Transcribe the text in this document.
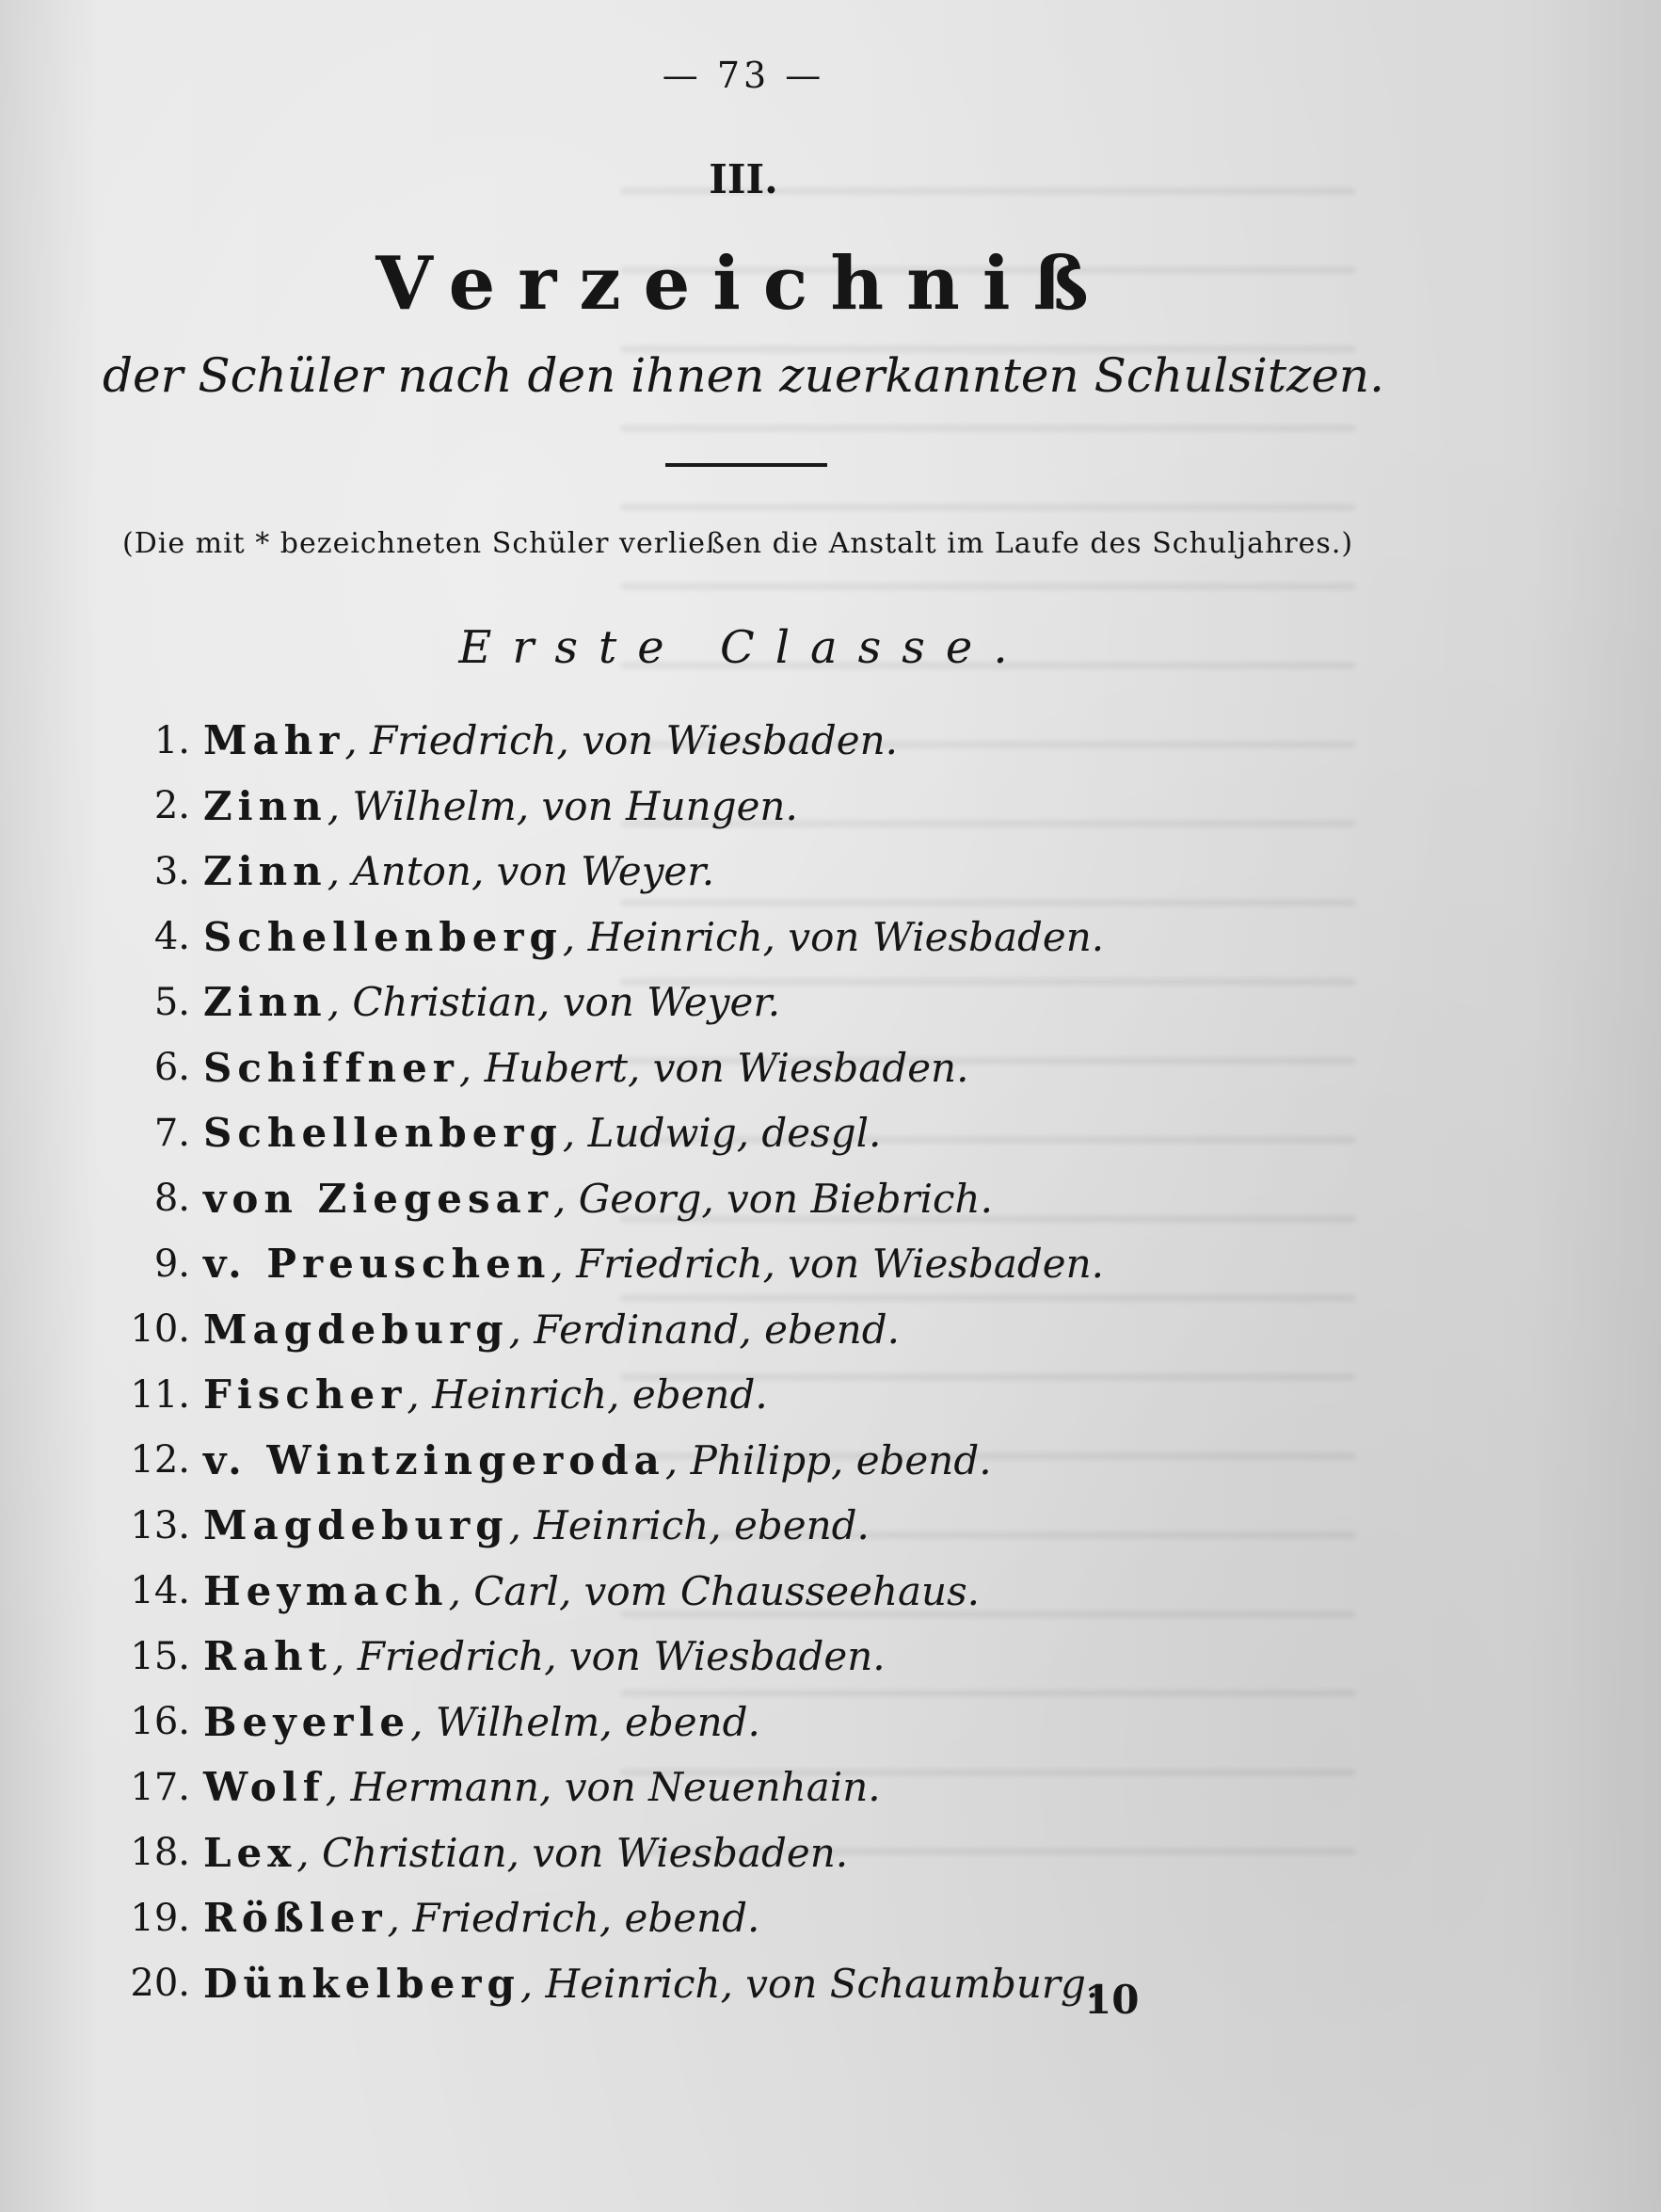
— 73 —
III.
Verzeichniß
der Schüler nach den ihnen zuerkannten Schulsitzen.
(Die mit * bezeichneten Schüler verließen die Anstalt im Laufe des Schuljahres.)
Erste Classe.
1. Mahr , Friedrich, von Wiesbaden.
2. Zinn , Wilhelm, von Hungen.
3. Zinn , Anton, von Weyer.
4. Schellenberg , Heinrich, von Wiesbaden.
5. Zinn , Christian, von Weyer.
6. Schiffner , Hubert, von Wiesbaden.
7. Schellenberg , Ludwig, desgl.
8. von Ziegesar , Georg, von Biebrich.
9. v. Preuschen , Friedrich, von Wiesbaden.
10. Magdeburg , Ferdinand, ebend.
11. Fischer , Heinrich, ebend.
12. v. Wintzingeroda , Philipp, ebend.
13. Magdeburg , Heinrich, ebend.
14. Heymach , Carl, vom Chausseehaus.
15. Raht , Friedrich, von Wiesbaden.
16. Beyerle , Wilhelm, ebend.
17. Wolf , Hermann, von Neuenhain.
18. Lex , Christian, von Wiesbaden.
19. Rößler , Friedrich, ebend.
20. Dünkelberg , Heinrich, von Schaumburg.
10
